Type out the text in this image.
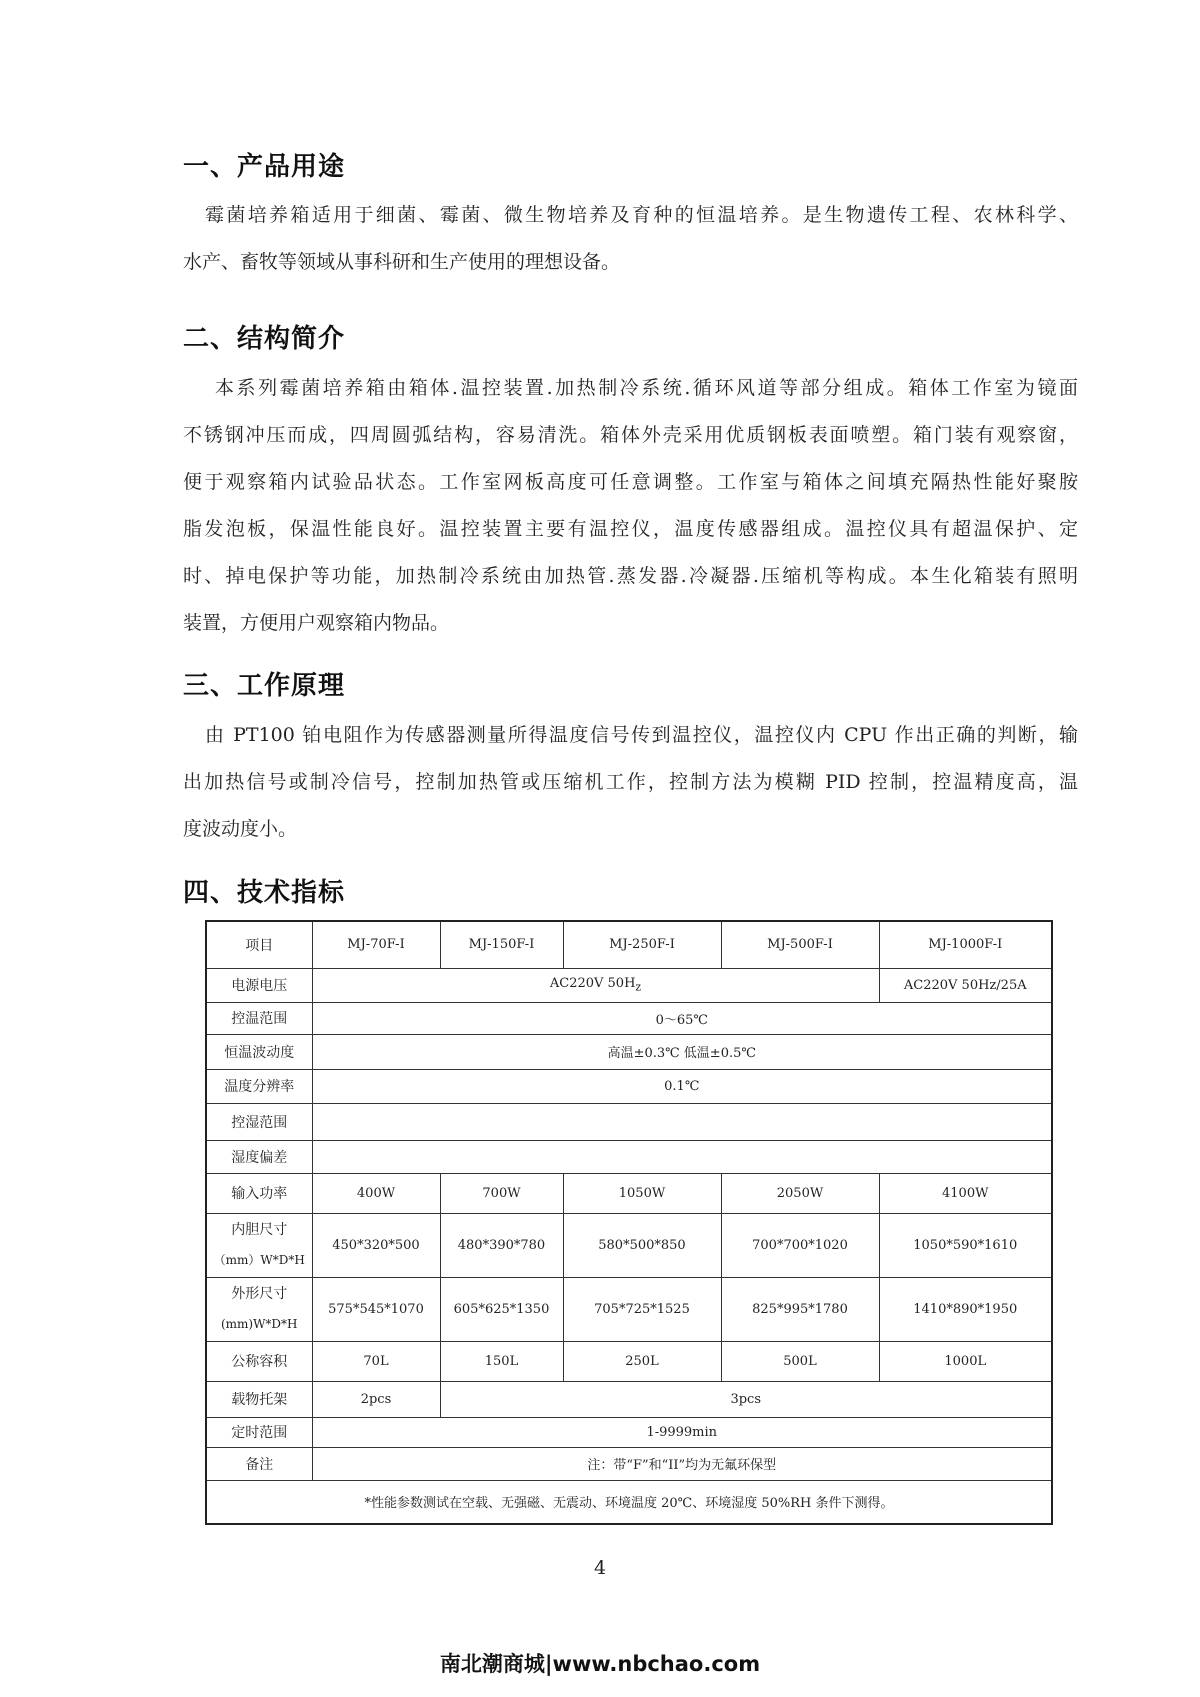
一、产品用途
霉菌培养箱适用于细菌、霉菌、微生物培养及育种的恒温培养。是生物遗传工程、农林科学、
水产、畜牧等领域从事科研和生产使用的理想设备。
二、结构简介
本系列霉菌培养箱由箱体.温控装置.加热制冷系统.循环风道等部分组成。箱体工作室为镜面
不锈钢冲压而成，四周圆弧结构，容易清洗。箱体外壳采用优质钢板表面喷塑。箱门装有观察窗，
便于观察箱内试验品状态。工作室网板高度可任意调整。工作室与箱体之间填充隔热性能好聚胺
脂发泡板，保温性能良好。温控装置主要有温控仪，温度传感器组成。温控仪具有超温保护、定
时、掉电保护等功能，加热制冷系统由加热管.蒸发器.冷凝器.压缩机等构成。本生化箱装有照明
装置，方便用户观察箱内物品。
三、工作原理
由 PT100 铂电阻作为传感器测量所得温度信号传到温控仪，温控仪内 CPU 作出正确的判断，输
出加热信号或制冷信号，控制加热管或压缩机工作，控制方法为模糊 PID 控制，控温精度高，温
度波动度小。
四、技术指标
项目	MJ-70F-I	MJ-150F-I	MJ-250F-I	MJ-500F-I	MJ-1000F-I
电源电压	AC220V $50H_z$				AC220V 50Hz/25A
控温范围	0～65℃				
恒温波动度	高温±0.3℃ 低温±0.5℃				
温度分辨率	0.1℃				
控湿范围					
湿度偏差					
输入功率	400W	700W	1050W	2050W	4100W

内胆尺寸
（mm）W*D*H	450*320*500	480*390*780	580*500*850	700*700*1020	1050*590*1610

外形尺寸
(mm)W*D*H	575*545*1070	605*625*1350	705*725*1525	825*995*1780	1410*890*1950
公称容积	70L	150L	250L	500L	1000L
载物托架	2pcs	3pcs			
定时范围	1-9999min				
备注	注：带“F”和“II”均为无氟环保型				
*性能参数测试在空载、无强磁、无震动、环境温度 20℃、环境湿度 50%RH 条件下测得。					
4
南北潮商城|www.nbchao.com
